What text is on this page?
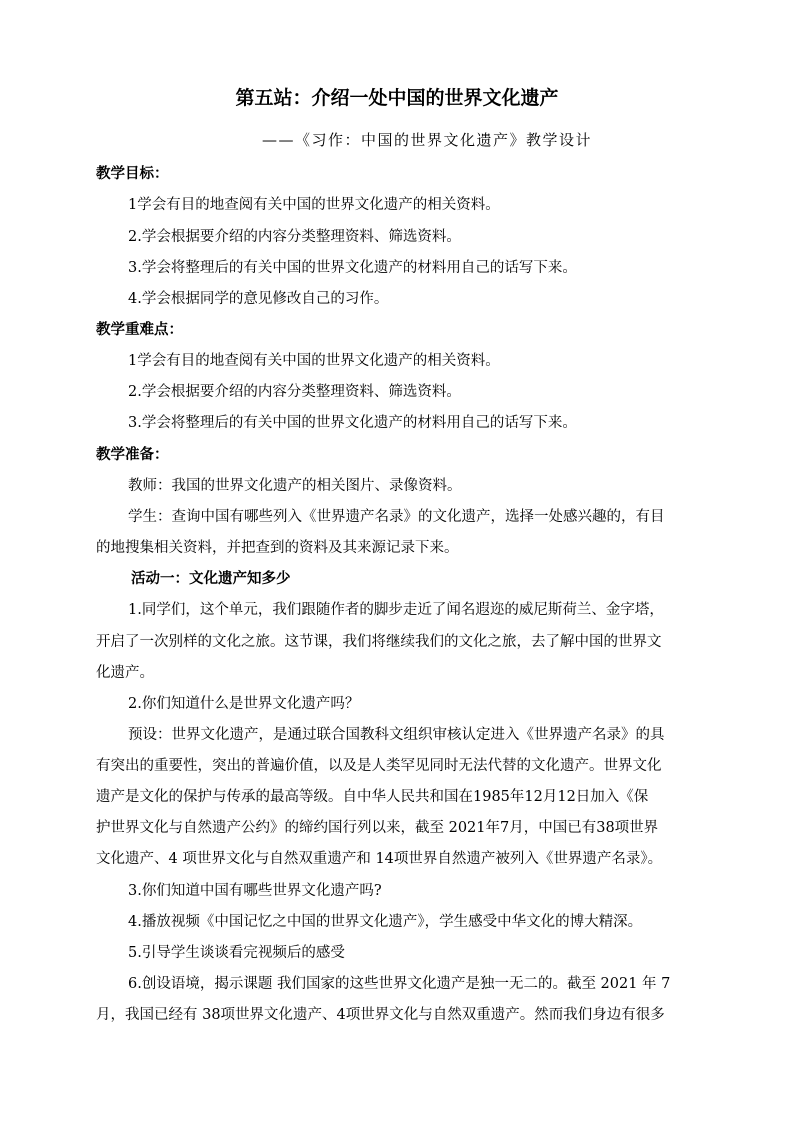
第五站：介绍一处中国的世界文化遗产
——《习作：中国的世界文化遗产》教学设计
教学目标：
1学会有目的地查阅有关中国的世界文化遗产的相关资料。
2.学会根据要介绍的内容分类整理资料、筛选资料。
3.学会将整理后的有关中国的世界文化遗产的材料用自己的话写下来。
4.学会根据同学的意见修改自己的习作。
教学重难点：
1学会有目的地查阅有关中国的世界文化遗产的相关资料。
2.学会根据要介绍的内容分类整理资料、筛选资料。
3.学会将整理后的有关中国的世界文化遗产的材料用自己的话写下来。
教学准备：
教师：我国的世界文化遗产的相关图片、录像资料。
学生：查询中国有哪些列入《世界遗产名录》的文化遗产，选择一处感兴趣的，有目
的地搜集相关资料，并把查到的资料及其来源记录下来。
活动一：文化遗产知多少
1.同学们，这个单元，我们跟随作者的脚步走近了闻名遐迩的威尼斯荷兰、金字塔，
开启了一次别样的文化之旅。这节课，我们将继续我们的文化之旅，去了解中国的世界文
化遗产。
2.你们知道什么是世界文化遗产吗？
预设：世界文化遗产，是通过联合国教科文组织审核认定进入《世界遗产名录》的具
有突出的重要性，突出的普遍价值，以及是人类罕见同时无法代替的文化遗产。世界文化
遗产是文化的保护与传承的最高等级。自中华人民共和国在1985年12月12日加入《保
护世界文化与自然遗产公约》的缔约国行列以来，截至 2021年7月，中国已有38项世界
文化遗产、4 项世界文化与自然双重遗产和 14项世界自然遗产被列入《世界遗产名录》。
3.你们知道中国有哪些世界文化遗产吗?
4.播放视频《中国记忆之中国的世界文化遗产》，学生感受中华文化的博大精深。
5.引导学生谈谈看完视频后的感受
6.创设语境，揭示课题 我们国家的这些世界文化遗产是独一无二的。截至 2021 年 7
月，我国已经有 38项世界文化遗产、4项世界文化与自然双重遗产。然而我们身边有很多
